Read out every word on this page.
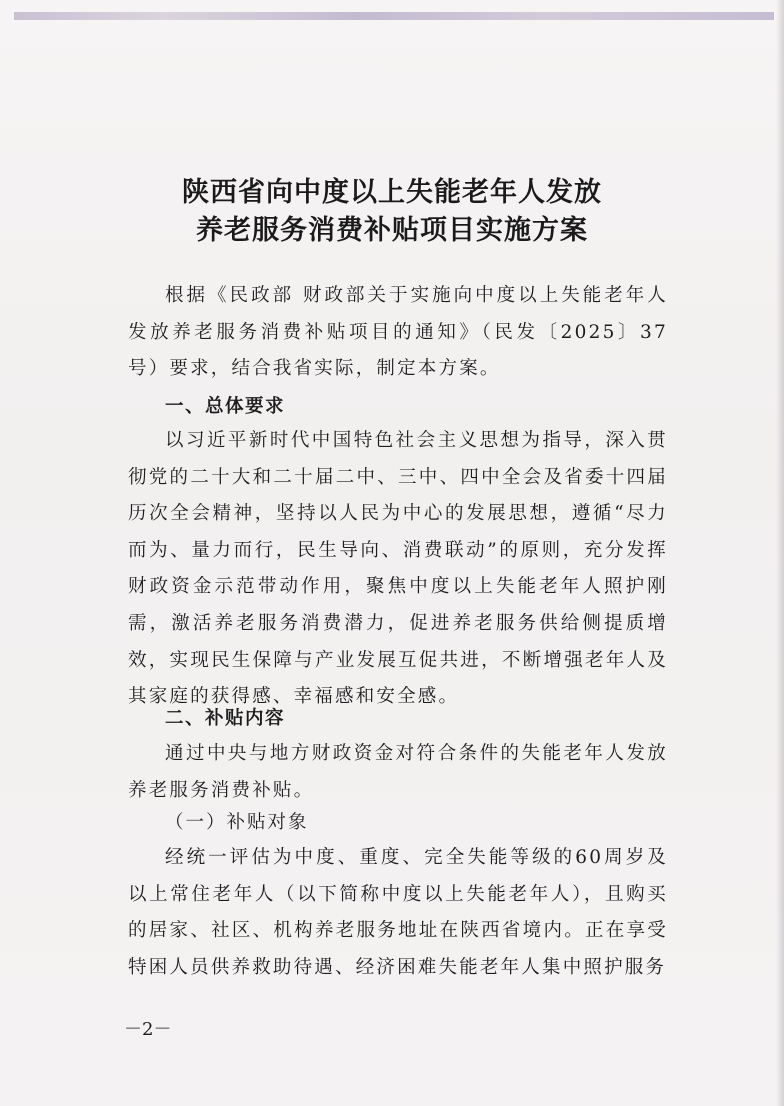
陕西省向中度以上失能老年人发放
养老服务消费补贴项目实施方案
根据《民政部 财政部关于实施向中度以上失能老年人发放养老服务消费补贴项目的通知》（民发〔2025〕37号）要求，结合我省实际，制定本方案。
一、总体要求
以习近平新时代中国特色社会主义思想为指导，深入贯彻党的二十大和二十届二中、三中、四中全会及省委十四届历次全会精神，坚持以人民为中心的发展思想，遵循“尽力而为、量力而行，民生导向、消费联动”的原则，充分发挥财政资金示范带动作用，聚焦中度以上失能老年人照护刚需，激活养老服务消费潜力，促进养老服务供给侧提质增效，实现民生保障与产业发展互促共进，不断增强老年人及其家庭的获得感、幸福感和安全感。
二、补贴内容
通过中央与地方财政资金对符合条件的失能老年人发放养老服务消费补贴。
（一）补贴对象
经统一评估为中度、重度、完全失能等级的60周岁及以上常住老年人（以下简称中度以上失能老年人），且购买的居家、社区、机构养老服务地址在陕西省境内。正在享受特困人员供养救助待遇、经济困难失能老年人集中照护服务
－2－
